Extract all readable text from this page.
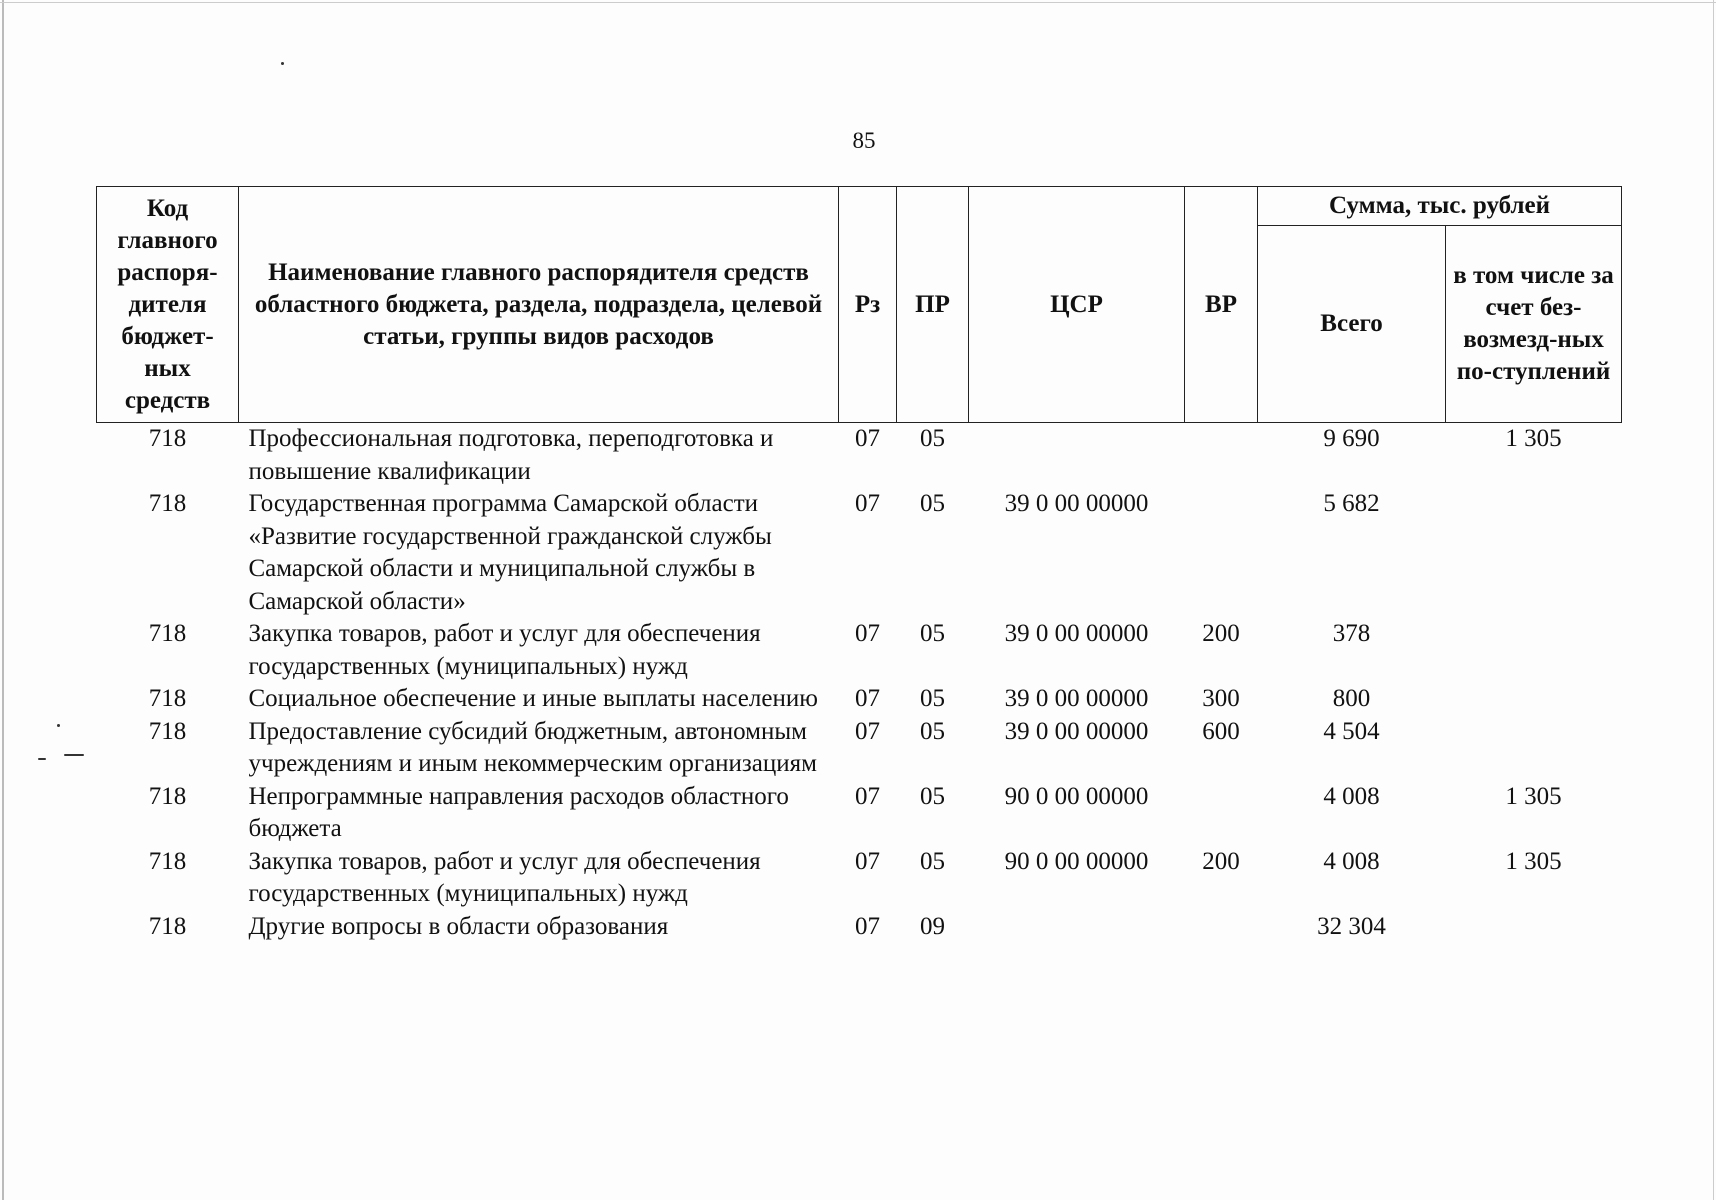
85
Код главного распоря-дителя бюджет-ных средств	Наименование главного распорядителя средств областного бюджета, раздела, подраздела, целевой статьи, группы видов расходов	Рз	ПР	ЦСР	ВР	Сумма, тыс. рублей	
						Всего	в том числе за счет без-возмезд-ных по-ступлений
718	Профессиональная подготовка, переподготовка и повышение квалификации	07	05			9 690	1 305
718	Государственная программа Самарской области «Развитие государственной гражданской службы Самарской области и муниципальной службы в Самарской области»	07	05	39 0 00 00000		5 682	
718	Закупка товаров, работ и услуг для обеспечения государственных (муниципальных) нужд	07	05	39 0 00 00000	200	378	
718	Социальное обеспечение и иные выплаты населению	07	05	39 0 00 00000	300	800	
718	Предоставление субсидий бюджетным, автономным учреждениям и иным некоммерческим организациям	07	05	39 0 00 00000	600	4 504	
718	Непрограммные направления расходов областного бюджета	07	05	90 0 00 00000		4 008	1 305
718	Закупка товаров, работ и услуг для обеспечения государственных (муниципальных) нужд	07	05	90 0 00 00000	200	4 008	1 305
718	Другие вопросы в области образования	07	09			32 304	
